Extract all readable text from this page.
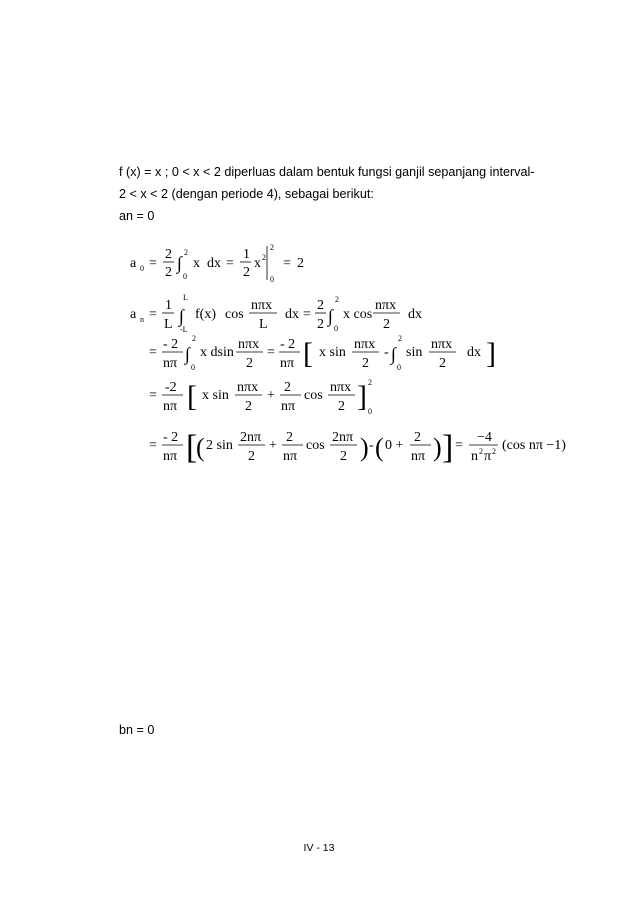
f (x) = x ; 0 < x < 2 diperluas dalam bentuk fungsi ganjil sepanjang interval-
2 < x < 2 (dengan periode 4), sebagai berikut:
an = 0
bn = 0
a 0 =
2
2 ∫
2
0
x dx =
1
2
x 2
2
0
= 2
a n =
1
L ∫
L
-L
f(x) cos
nπx
L
dx =
2
2 ∫
2
0
x cos
nπx
2
dx
=
- 2
nπ ∫
2
0
x dsin
nπx
2
=
- 2
nπ [ x sin
nπx
2
- ∫
2
0
sin
nπx
2
dx ]
=
-2
nπ [ x sin
nπx
2
+
2
nπ
cos
nπx
2 ] 2
0
=
- 2
nπ [
( 2 sin
2nπ
2
+
2
nπ
cos
2nπ
2 ) - ( 0 +
2
nπ ) ] =
−4
n 2 π 2 (cos nπ −1)
IV - 13
